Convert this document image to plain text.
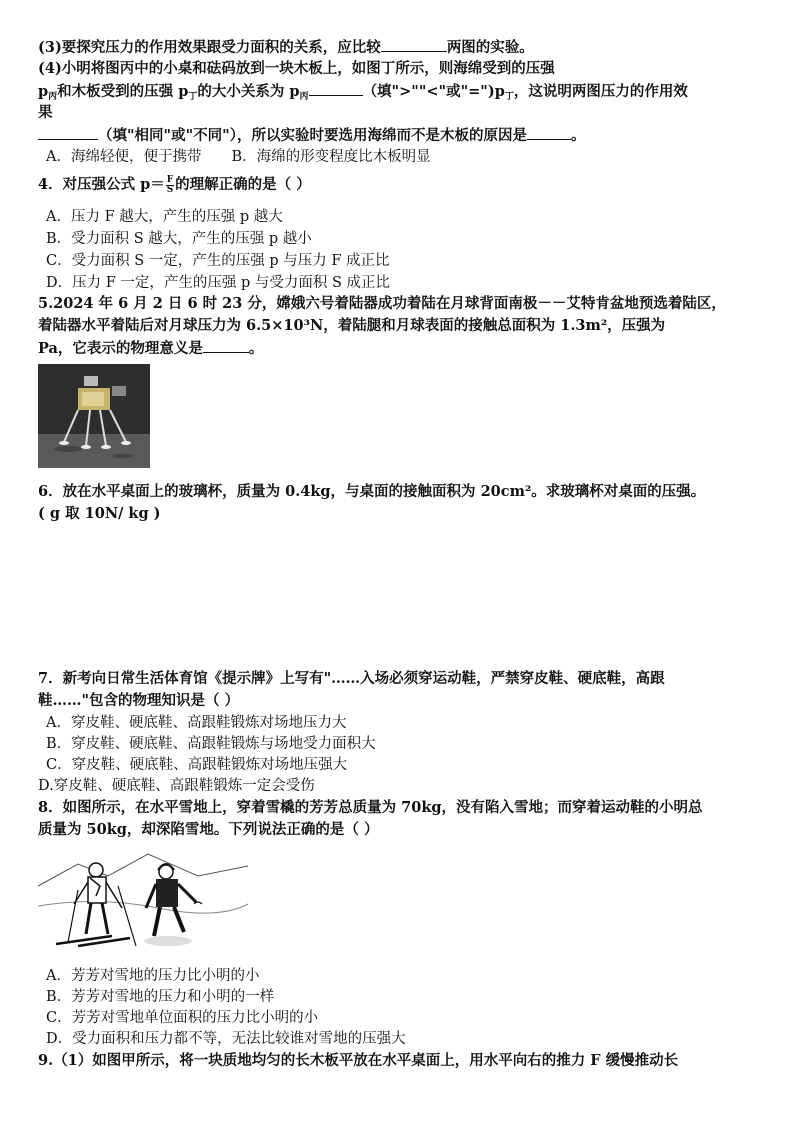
(3)要探究压力的作用效果跟受力面积的关系，应比较	两图的实验。
(4)小明将图丙中的小桌和砝码放到一块木板上，如图丁所示，则海绵受到的压强
$p_丙$和木板受到的压强 $p_丁$的大小关系为 $p_丙$	（填">""<"或"$=")p_丁$，这说明两图压力的作用效
果
（填"相同"或"不同"），所以实验时要选用海绵而不是木板的原因是	。
A．海绵轻便，便于携带 B．海绵的形变程度比木板明显
4．对压强公式 $p= \frac{F}{S}$ 的理解正确的是（ ）
A．压力 F 越大，产生的压强 p 越大
B．受力面积 S 越大，产生的压强 p 越小
C．受力面积 S 一定，产生的压强 p 与压力 F 成正比
D．压力 F 一定，产生的压强 p 与受力面积 S 成正比
5.2024 年 6 月 2 日 6 时 23 分，嫦娥六号着陆器成功着陆在月球背面南极－－艾特肯盆地预选着陆区，
着陆器水平着陆后对月球压力为 6.5×10³N，着陆腿和月球表面的接触总面积为 1.3m²，压强为
Pa，它表示的物理意义是	。
6．放在水平桌面上的玻璃杯，质量为 0.4kg，与桌面的接触面积为 20cm²。求玻璃杯对桌面的压强。
( g 取 10N/ kg )
7．新考向日常生活体育馆《提示牌》上写有"……入场必须穿运动鞋，严禁穿皮鞋、硬底鞋，高跟
鞋……"包含的物理知识是（ ）
A．穿皮鞋、硬底鞋、高跟鞋锻炼对场地压力大
B．穿皮鞋、硬底鞋、高跟鞋锻炼与场地受力面积大
C．穿皮鞋、硬底鞋、高跟鞋锻炼对场地压强大
D.穿皮鞋、硬底鞋、高跟鞋锻炼一定会受伤
8．如图所示，在水平雪地上，穿着雪橇的芳芳总质量为 70kg，没有陷入雪地；而穿着运动鞋的小明总
质量为 50kg，却深陷雪地。下列说法正确的是（ ）
A．芳芳对雪地的压力比小明的小
B．芳芳对雪地的压力和小明的一样
C．芳芳对雪地单位面积的压力比小明的小
D．受力面积和压力都不等，无法比较谁对雪地的压强大
9.（1）如图甲所示，将一块质地均匀的长木板平放在水平桌面上，用水平向右的推力 F 缓慢推动长
